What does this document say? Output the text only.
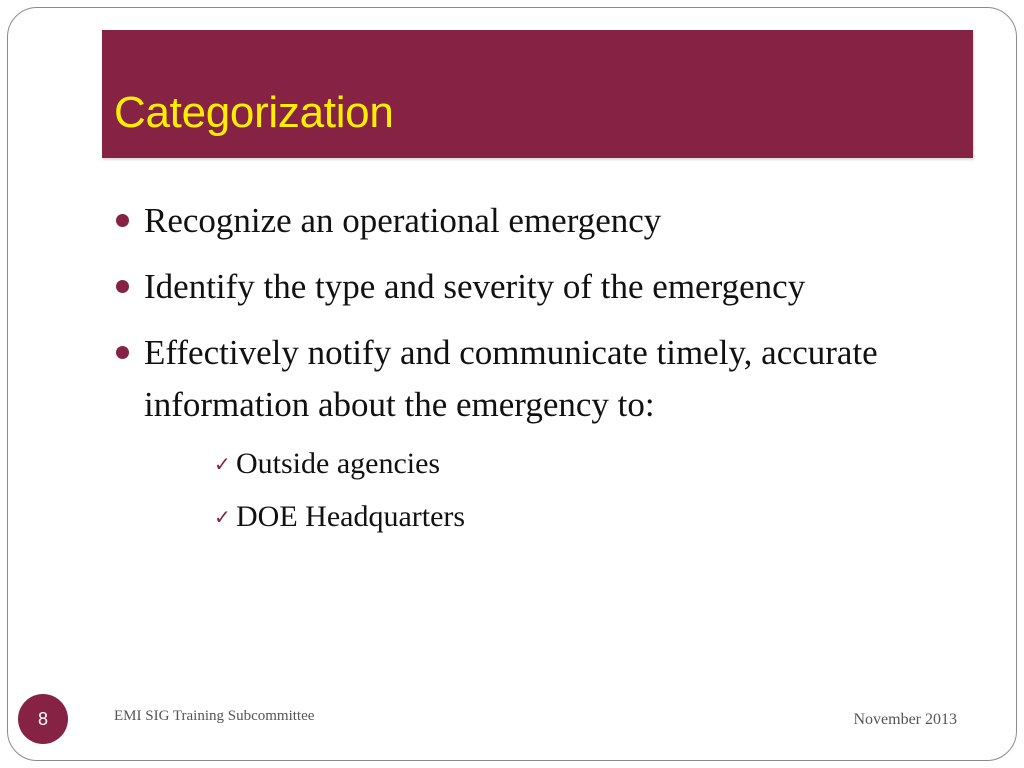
Categorization
Recognize an operational emergency
Identify the type and severity of the emergency
Effectively notify and communicate timely, accurate information about the emergency to:
✓ Outside agencies
✓ DOE Headquarters
8	EMI SIG Training Subcommittee	November 2013
